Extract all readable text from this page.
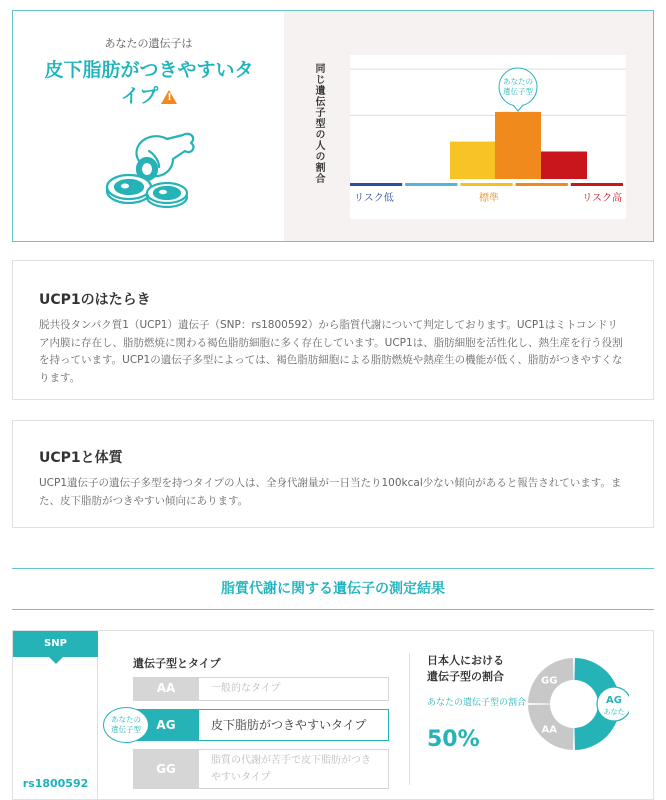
あなたの遺伝子は
皮下脂肪がつきやすいタ
イプ !	同じ遺伝子型の人の割合
リスク低	標準	リスク高
あなたの
遺伝子型
UCP1のはたらき

脱共役タンパク質1（UCP1）遺伝子（SNP：rs1800592）から脂質代謝について判定しております。UCP1はミトコンドリア内膜に存在し、脂肪燃焼に関わる褐色脂肪細胞に多く存在しています。UCP1は、脂肪細胞を活性化し、熱生産を行う役割を持っています。UCP1の遺伝子多型によっては、褐色脂肪細胞による脂肪燃焼や熱産生の機能が低く、脂肪がつきやすくなります。

UCP1と体質

UCP1遺伝子の遺伝子多型を持つタイプの人は、全身代謝量が一日当たり100kcal少ない傾向があると報告されています。また、皮下脂肪がつきやすい傾向にあります。

脂質代謝に関する遺伝子の測定結果
SNP
rs1800592
遺伝子型とタイプ
AA	一般的なタイプ
AG	皮下脂肪がつきやすいタイプ
GG
脂質の代謝が苦手で皮下脂肪がつきやすいタイプ
あなたの
遺伝子型
日本人における
遺伝子型の割合
あなたの遺伝子型の割合
50%
AG
あなた
AA
GG
